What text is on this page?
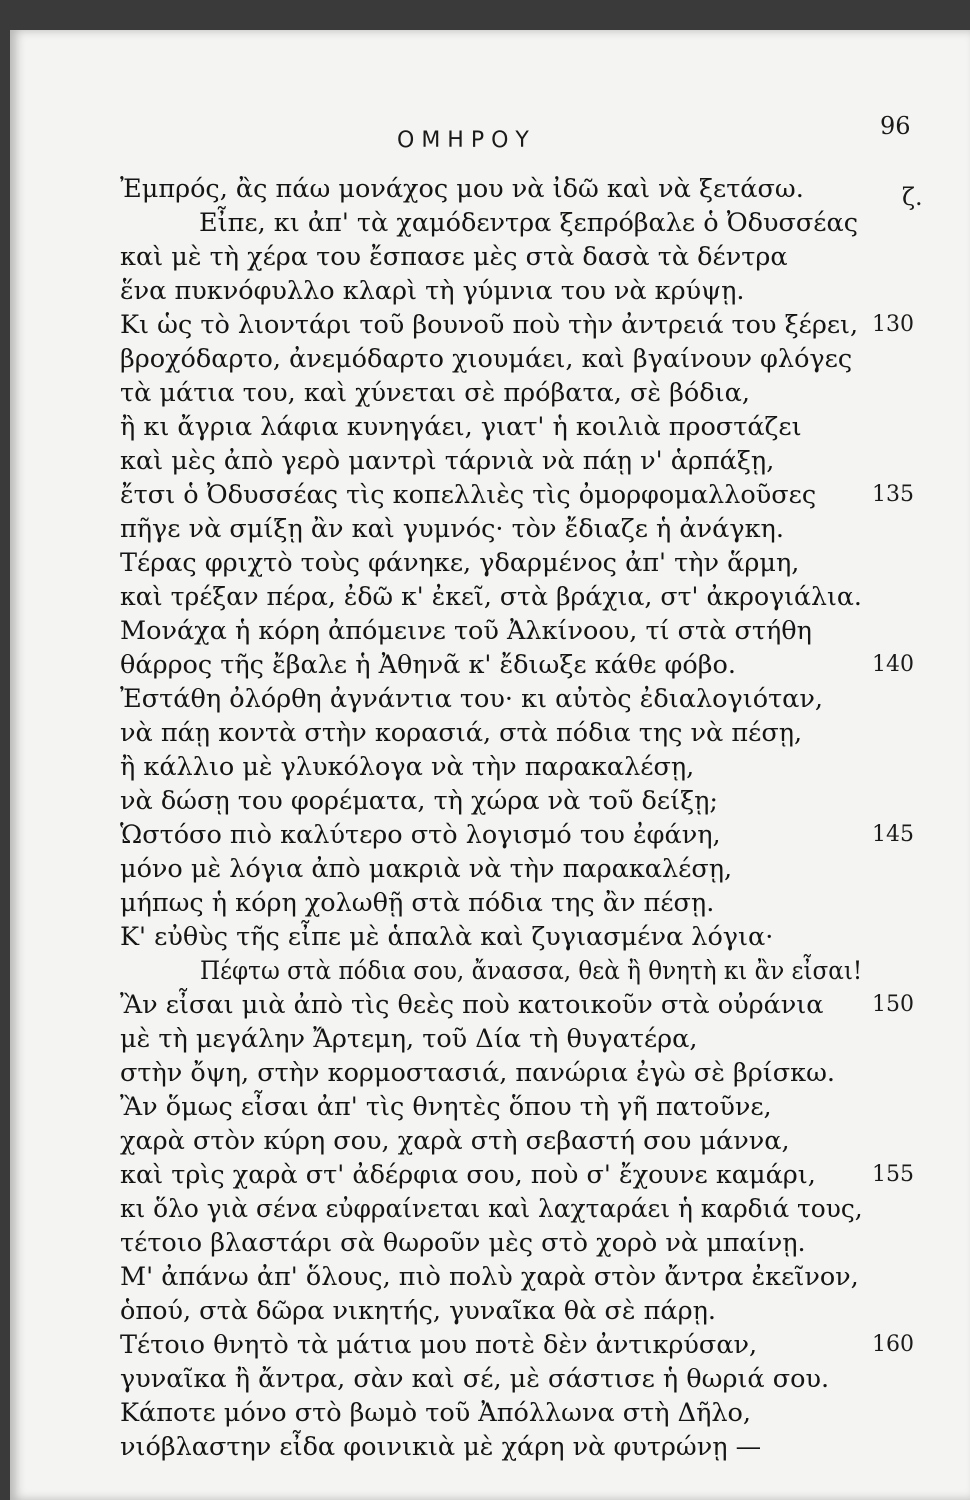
ΟΜΗΡΟΥ
96
ζ.
Ἐμπρός, ἂς πάω μονάχος μου νὰ ἰδῶ καὶ νὰ ξετάσω.
Εἶπε, κι ἀπ' τὰ χαμόδεντρα ξεπρόβαλε ὁ Ὀδυσσέας
καὶ μὲ τὴ χέρα του ἔσπασε μὲς στὰ δασὰ τὰ δέντρα
ἕνα πυκνόφυλλο κλαρὶ τὴ γύμνια του νὰ κρύψῃ.
Κι ὡς τὸ λιοντάρι τοῦ βουνοῦ ποὺ τὴν ἀντρειά του ξέρει,
βροχόδαρτο, ἀνεμόδαρτο χιουμάει, καὶ βγαίνουν φλόγες
τὰ μάτια του, καὶ χύνεται σὲ πρόβατα, σὲ βόδια,
ἢ κι ἄγρια λάφια κυνηγάει, γιατ' ἡ κοιλιὰ προστάζει
καὶ μὲς ἀπὸ γερὸ μαντρὶ τάρνιὰ νὰ πάῃ ν' ἁρπάξῃ,
ἔτσι ὁ Ὀδυσσέας τὶς κοπελλιὲς τὶς ὀμορφομαλλοῦσες
πῆγε νὰ σμίξῃ ἂν καὶ γυμνός· τὸν ἔδιαζε ἡ ἀνάγκη.
Τέρας φριχτὸ τοὺς φάνηκε, γδαρμένος ἀπ' τὴν ἅρμη,
καὶ τρέξαν πέρα, ἐδῶ κ' ἐκεῖ, στὰ βράχια, στ' ἀκρογιάλια.
Μονάχα ἡ κόρη ἀπόμεινε τοῦ Ἀλκίνοου, τί στὰ στήθη
θάρρος τῆς ἔβαλε ἡ Ἀθηνᾶ κ' ἔδιωξε κάθε φόβο.
Ἐστάθη ὀλόρθη ἀγνάντια του· κι αὐτὸς ἐδιαλογιόταν,
νὰ πάῃ κοντὰ στὴν κορασιά, στὰ πόδια της νὰ πέσῃ,
ἢ κάλλιο μὲ γλυκόλογα νὰ τὴν παρακαλέσῃ,
νὰ δώσῃ του φορέματα, τὴ χώρα νὰ τοῦ δείξῃ;
Ὡστόσο πιὸ καλύτερο στὸ λογισμό του ἐφάνη,
μόνο μὲ λόγια ἀπὸ μακριὰ νὰ τὴν παρακαλέσῃ,
μήπως ἡ κόρη χολωθῇ στὰ πόδια της ἂν πέσῃ.
Κ' εὐθὺς τῆς εἶπε μὲ ἁπαλὰ καὶ ζυγιασμένα λόγια·
Πέφτω στὰ πόδια σου, ἄνασσα, θεὰ ἢ θνητὴ κι ἂν εἶσαι!
Ἂν εἶσαι μιὰ ἀπὸ τὶς θεὲς ποὺ κατοικοῦν στὰ οὐράνια
μὲ τὴ μεγάλην Ἄρτεμη, τοῦ Δία τὴ θυγατέρα,
στὴν ὄψη, στὴν κορμοστασιά, πανώρια ἐγὼ σὲ βρίσκω.
Ἂν ὅμως εἶσαι ἀπ' τὶς θνητὲς ὅπου τὴ γῆ πατοῦνε,
χαρὰ στὸν κύρη σου, χαρὰ στὴ σεβαστή σου μάννα,
καὶ τρὶς χαρὰ στ' ἀδέρφια σου, ποὺ σ' ἔχουνε καμάρι,
κι ὅλο γιὰ σένα εὐφραίνεται καὶ λαχταράει ἡ καρδιά τους,
τέτοιο βλαστάρι σὰ θωροῦν μὲς στὸ χορὸ νὰ μπαίνῃ.
Μ' ἀπάνω ἀπ' ὅλους, πιὸ πολὺ χαρὰ στὸν ἄντρα ἐκεῖνον,
ὁπού, στὰ δῶρα νικητής, γυναῖκα θὰ σὲ πάρῃ.
Τέτοιο θνητὸ τὰ μάτια μου ποτὲ δὲν ἀντικρύσαν,
γυναῖκα ἢ ἄντρα, σὰν καὶ σέ, μὲ σάστισε ἡ θωριά σου.
Κάποτε μόνο στὸ βωμὸ τοῦ Ἀπόλλωνα στὴ Δῆλο,
νιόβλαστην εἶδα φοινικιὰ μὲ χάρη νὰ φυτρώνῃ —
130
135
140
145
150
155
160
